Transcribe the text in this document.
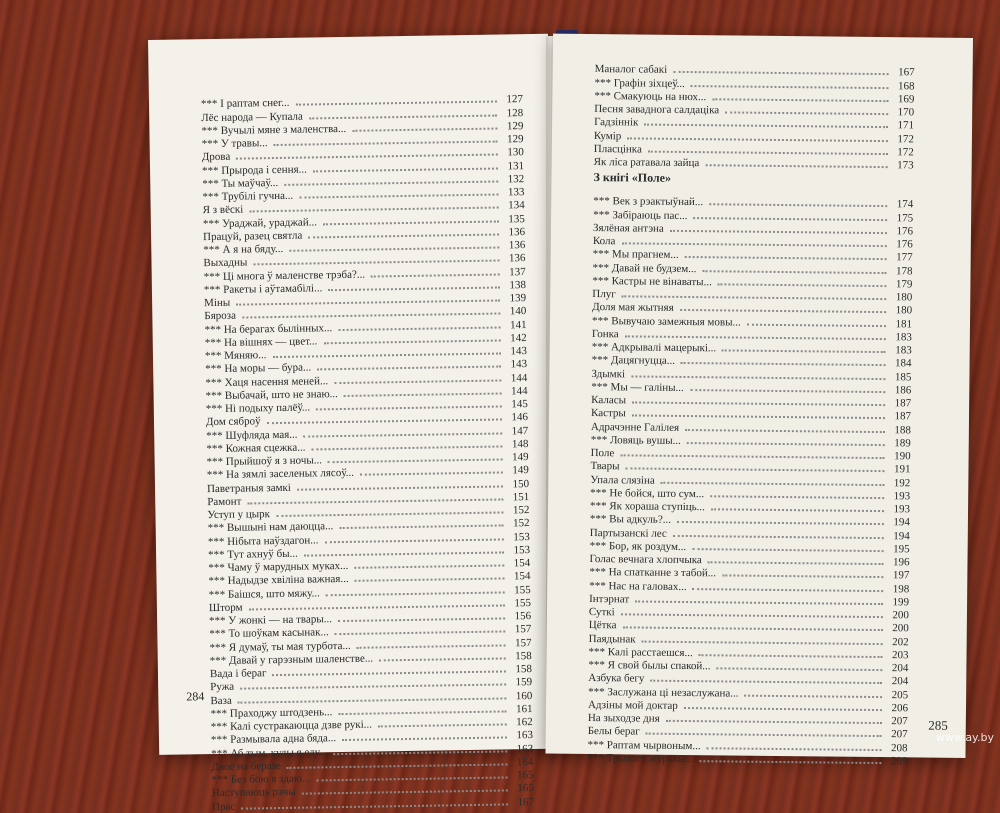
*** І раптам снег...	127
Лёс народа — Купала	128
*** Вучылі мяне з маленства...	129
*** У травы...	129
Дрова	130
*** Прырода і сення...	131
*** Ты маўчаў...	132
*** Трубілі гучна...	133
Я з вёскі	134
*** Ураджай, ураджай...	135
Працуй, разец святла	136
*** А я на бяду...	136
Выхадны	136
*** Ці многа ў маленстве трэба?...	137
*** Ракеты і аўтамабілі...	138
Міны	139
Бяроза	140
*** На берагах былінных...	141
*** На вішнях — цвет...	142
*** Мяняю...	143
*** На моры — бура...	143
*** Хаця насення меней...	144
*** Выбачай, што не знаю...	144
*** Ні подыху палёў...	145
Дом сяброў	146
*** Шуфляда мая...	147
*** Кожная сцежка...	148
*** Прыйшоў я з ночы...	149
*** На зямлі заселеных лясоў...	149
Паветраныя замкі	150
Рамонт	151
Уступ у цырк	152
*** Вышыні нам даюцца...	152
*** Нібыта наўздагон...	153
*** Тут ахнуў бы...	153
*** Чаму ў марудных муках...	154
*** Надыдзе хвіліна важная...	154
*** Баішся, што мяжу...	155
Шторм	155
*** У жонкі — на твары...	156
*** То шоўкам касынак...	157
*** Я думаў, ты мая турбота...	157
*** Давай у гарэзным шаленстве...	158
Вада і бераг	158
Ружа	159
Ваза	160
*** Праходжу штодзень...	161
*** Калі сустракаюцца дзве рукі...	162
*** Размывала адна бяда...	163
*** Аб тым, куды я еду...	163
Двое на беразе	164
*** Без бою я здаю...	165
Наступаюць рэчы	165
Прас	167
284
Маналог сабакі	167
*** Графін зіхцеў...	168
*** Смакуюць на нюх...	169
Песня заваднога салдаціка	170
Гадзіннік	171
Кумір	172
Пласцінка	172
Як ліса ратавала зайца	173
З кнігі «Поле»
*** Век з рэактыўнай...	174
*** Забіраюць пас...	175
Зялёная антэна	176
Кола	176
*** Мы прагнем...	177
*** Давай не будзем...	178
*** Кастры не вінаваты...	179
Плуг	180
Доля мая жытняя	180
*** Вывучаю замежныя мовы...	181
Гонка	183
*** Адкрывалі мацерыкі...	183
*** Дацягнуцца...	184
Здымкі	185
*** Мы — галіны...	186
Каласы	187
Кастры	187
Адрачэнне Галілея	188
*** Ловяць вушы...	189
Поле	190
Твары	191
Упала слязіна	192
*** Не бойся, што сум...	193
*** Як хораша ступіць...	193
*** Вы адкуль?...	194
Партызанскі лес	194
*** Бор, як роздум...	195
Голас вечнага хлопчыка	196
*** На спатканне з табой...	197
*** Нас на галовах...	198
Інтэрнат	199
Суткі	200
Цётка	200
Паядынак	202
*** Калі расстаешся...	203
*** Я свой былы спакой...	204
Азбука бегу	204
*** Заслужана ці незаслужана...	205
Адзіны мой доктар	206
На зыходзе дня	207
Белы бераг	207
*** Раптам чырвоным...	208
*** Трывогу журавы...	209
285
www.ay.by
